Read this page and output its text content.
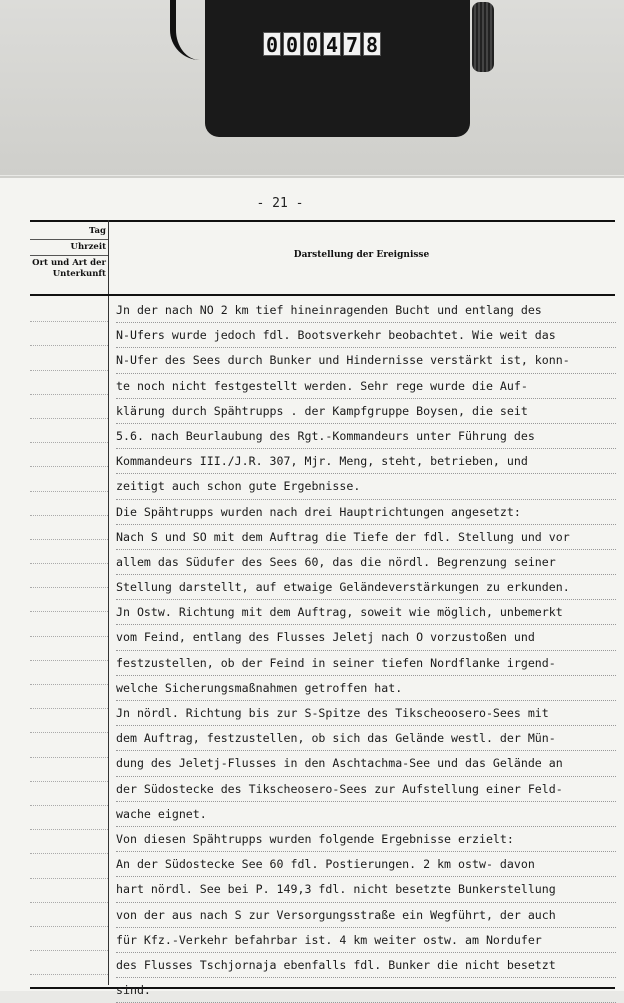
0 0 0 4 7 8
- 21 -
Tag
Uhrzeit
Ort und Art der Unterkunft
Darstellung der Ereignisse
Jn der nach NO 2 km tief hineinragenden Bucht und entlang des
N-Ufers wurde jedoch fdl. Bootsverkehr beobachtet. Wie weit das
N-Ufer des Sees durch Bunker und Hindernisse verstärkt ist, konn-
te noch nicht festgestellt werden. Sehr rege wurde die Auf-
klärung durch Spähtrupps . der Kampfgruppe Boysen, die seit
5.6. nach Beurlaubung des Rgt.-Kommandeurs unter Führung des
Kommandeurs III./J.R. 307, Mjr. Meng, steht, betrieben, und
zeitigt auch schon gute Ergebnisse.
Die Spähtrupps wurden nach drei Hauptrichtungen angesetzt:
Nach S und SO mit dem Auftrag die Tiefe der fdl. Stellung und vor
allem das Südufer des Sees 60, das die nördl. Begrenzung seiner
Stellung darstellt, auf etwaige Geländeverstärkungen zu erkunden.
Jn Ostw. Richtung mit dem Auftrag, soweit wie möglich, unbemerkt
vom Feind, entlang des Flusses Jeletj nach O vorzustoßen und
festzustellen, ob der Feind in seiner tiefen Nordflanke irgend-
welche Sicherungsmaßnahmen getroffen hat.
Jn nördl. Richtung bis zur S-Spitze des Tikscheoosero-Sees mit
dem Auftrag, festzustellen, ob sich das Gelände westl. der Mün-
dung des Jeletj-Flusses in den Aschtachma-See und das Gelände an
der Südostecke des Tikscheosero-Sees zur Aufstellung einer Feld-
wache eignet.
Von diesen Spähtrupps wurden folgende Ergebnisse erzielt:
An der Südostecke See 60 fdl. Postierungen. 2 km ostw- davon
hart nördl. See bei P. 149,3 fdl. nicht besetzte Bunkerstellung
von der aus nach S zur Versorgungsstraße ein Wegführt, der auch
für Kfz.-Verkehr befahrbar ist. 4 km weiter ostw. am Nordufer
des Flusses Tschjornaja ebenfalls fdl. Bunker die nicht besetzt
sind.
